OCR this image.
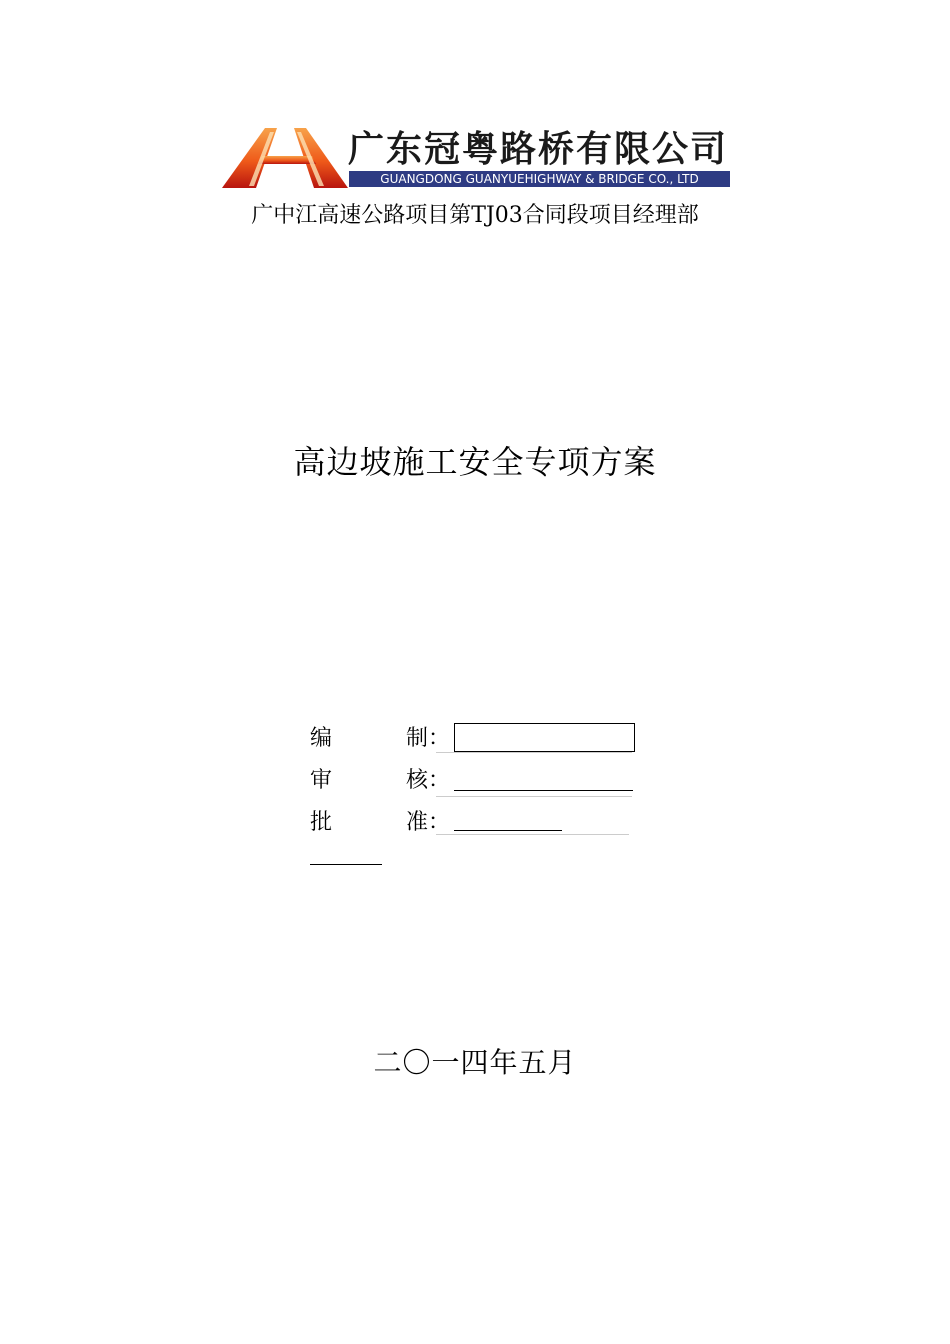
广东冠粤路桥有限公司
GUANGDONG GUANYUEHIGHWAY & BRIDGE CO., LTD
广中江高速公路项目第TJ03合同段项目经理部
高边坡施工安全专项方案
编	制：
审	核：
批	准：
二〇一四年五月
